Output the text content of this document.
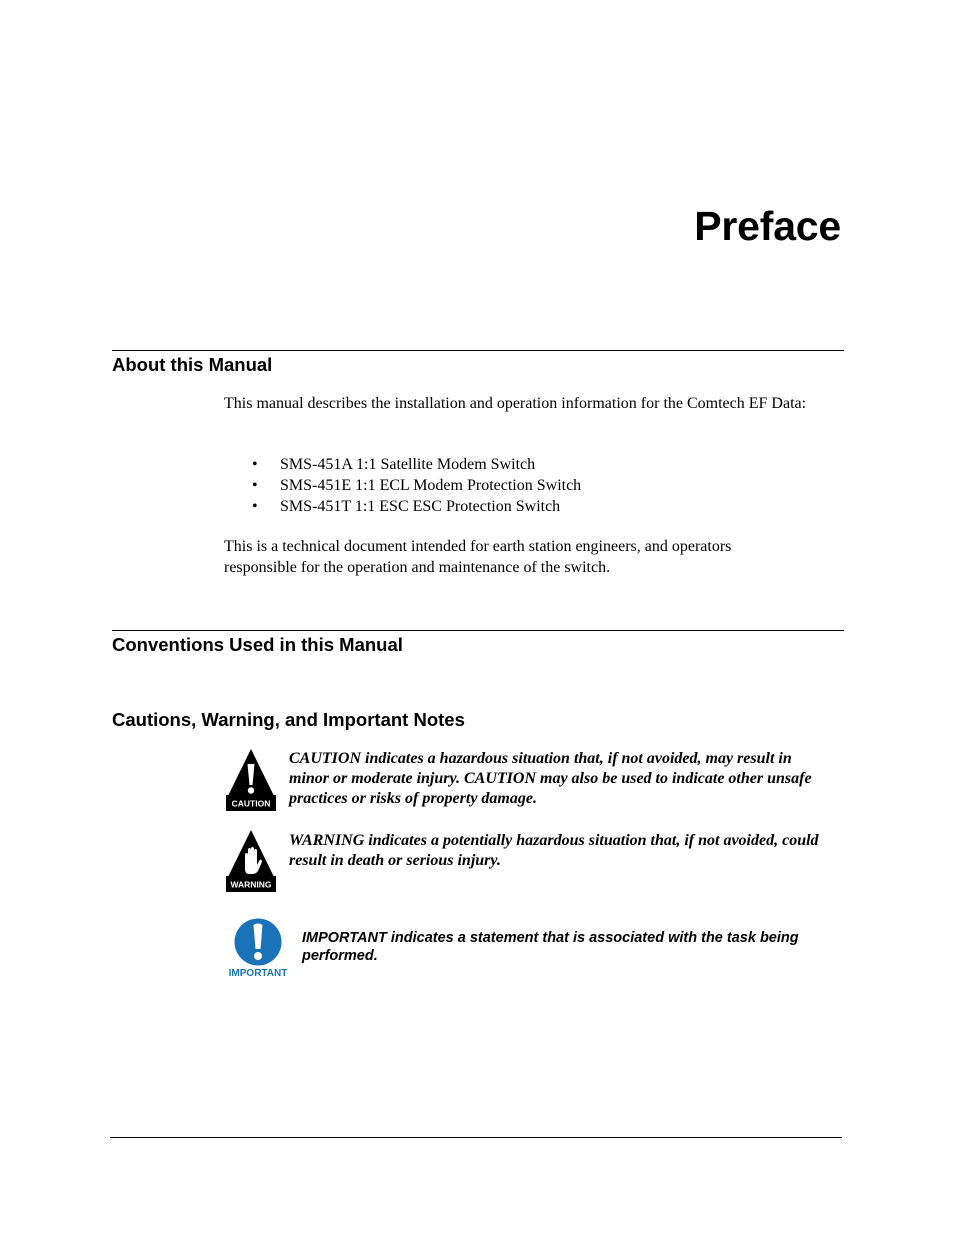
Preface
About this Manual

This manual describes the installation and operation information for the Comtech EF Data:

• SMS-451A 1:1 Satellite Modem Switch
• SMS-451E 1:1 ECL Modem Protection Switch
• SMS-451T 1:1 ESC ESC Protection Switch

This is a technical document intended for earth station engineers, and operators responsible for the operation and maintenance of the switch.

Conventions Used in this Manual
Cautions, Warning, and Important Notes
CAUTION

CAUTION indicates a hazardous situation that, if not avoided, may result in minor or moderate injury. CAUTION may also be used to indicate other unsafe practices or risks of property damage.

WARNING

WARNING indicates a potentially hazardous situation that, if not avoided, could result in death or serious injury.

IMPORTANT

IMPORTANT indicates a statement that is associated with the task being performed.
